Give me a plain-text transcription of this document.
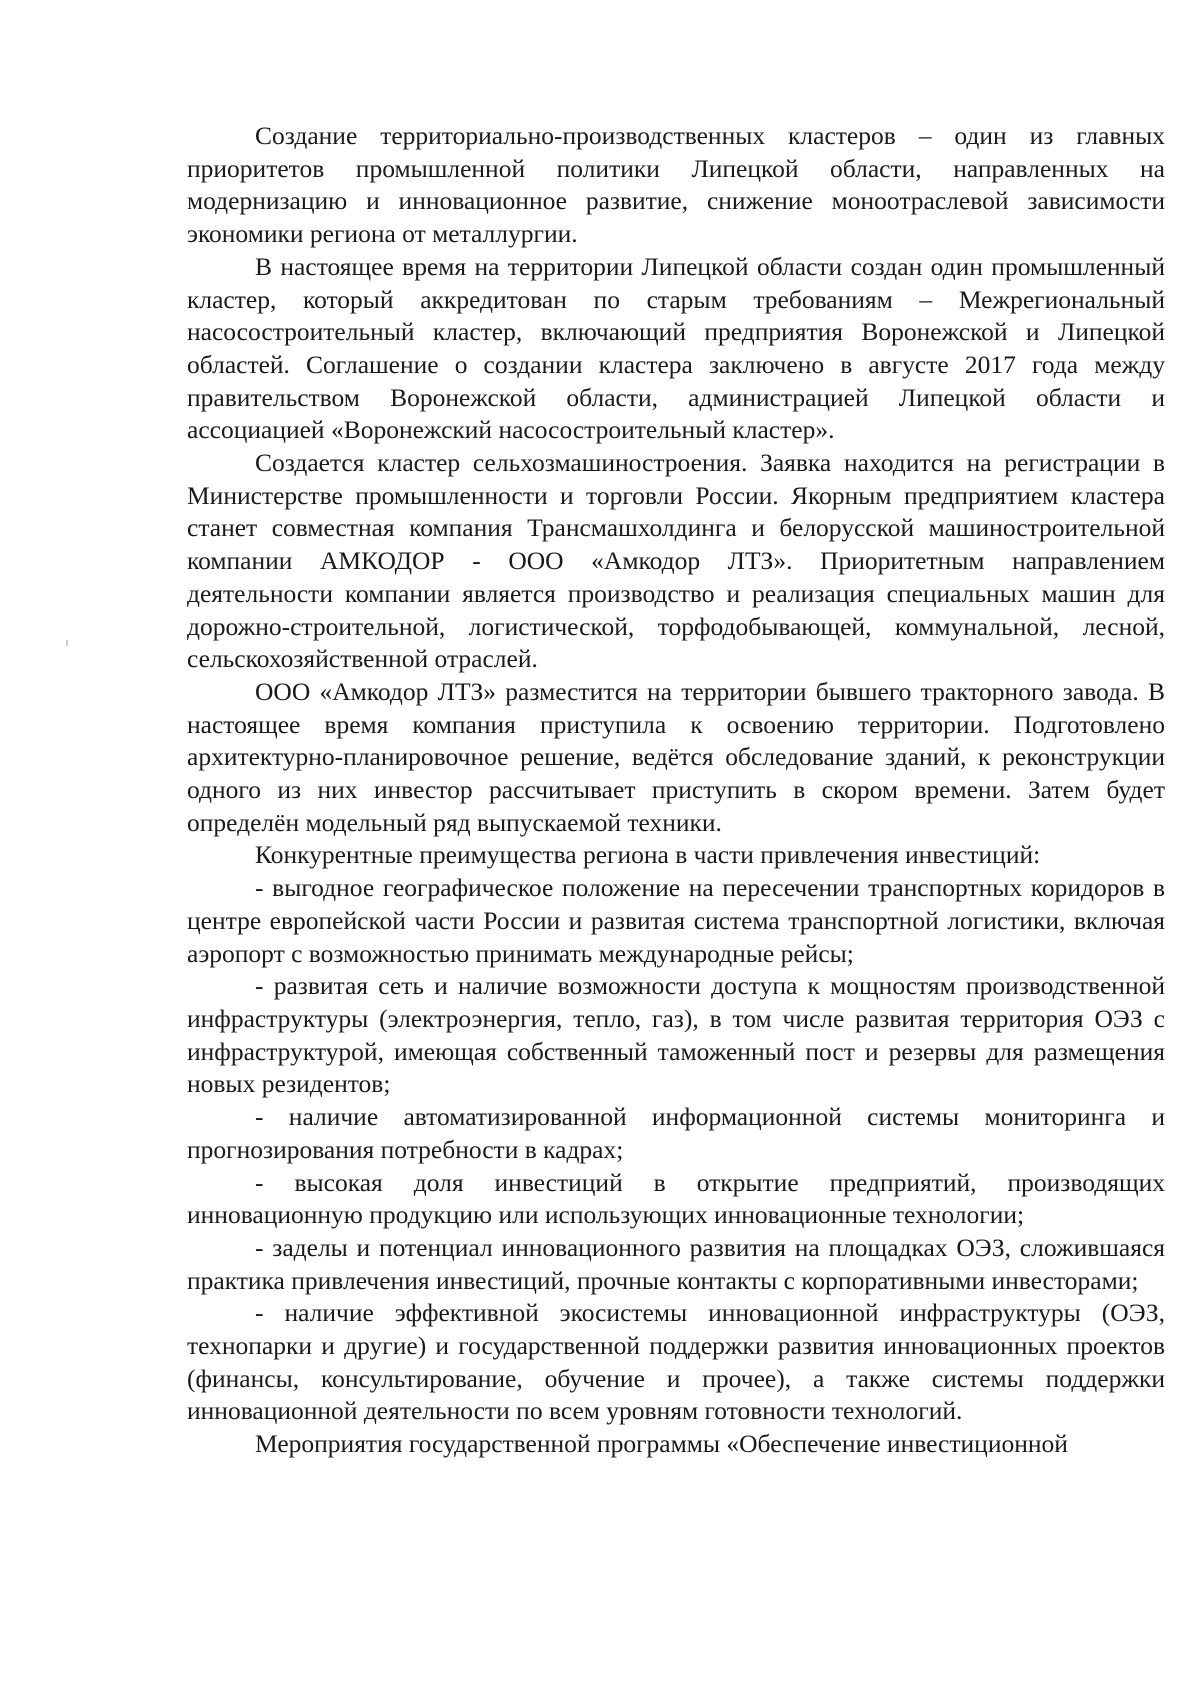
Создание территориально-производственных кластеров – один из главных приоритетов промышленной политики Липецкой области, направленных на модернизацию и инновационное развитие, снижение моноотраслевой зависимости экономики региона от металлургии.

В настоящее время на территории Липецкой области создан один промышленный кластер, который аккредитован по старым требованиям – Межрегиональный насосостроительный кластер, включающий предприятия Воронежской и Липецкой областей. Соглашение о создании кластера заключено в августе 2017 года между правительством Воронежской области, администрацией Липецкой области и ассоциацией «Воронежский насосостроительный кластер».

Создается кластер сельхозмашиностроения. Заявка находится на регистрации в Министерстве промышленности и торговли России. Якорным предприятием кластера станет совместная компания Трансмашхолдинга и белорусской машиностроительной компании АМКОДОР - ООО «Амкодор ЛТЗ». Приоритетным направлением деятельности компании является производство и реализация специальных машин для дорожно-строительной, логистической, торфодобывающей, коммунальной, лесной, сельскохозяйственной отраслей.

ООО «Амкодор ЛТЗ» разместится на территории бывшего тракторного завода. В настоящее время компания приступила к освоению территории. Подготовлено архитектурно-планировочное решение, ведётся обследование зданий, к реконструкции одного из них инвестор рассчитывает приступить в скором времени. Затем будет определён модельный ряд выпускаемой техники.

Конкурентные преимущества региона в части привлечения инвестиций:

- выгодное географическое положение на пересечении транспортных коридоров в центре европейской части России и развитая система транспортной логистики, включая аэропорт с возможностью принимать международные рейсы;

- развитая сеть и наличие возможности доступа к мощностям производственной инфраструктуры (электроэнергия, тепло, газ), в том числе развитая территория ОЭЗ с инфраструктурой, имеющая собственный таможенный пост и резервы для размещения новых резидентов;

- наличие автоматизированной информационной системы мониторинга и прогнозирования потребности в кадрах;

- высокая доля инвестиций в открытие предприятий, производящих инновационную продукцию или использующих инновационные технологии;

- заделы и потенциал инновационного развития на площадках ОЭЗ, сложившаяся практика привлечения инвестиций, прочные контакты с корпоративными инвесторами;

- наличие эффективной экосистемы инновационной инфраструктуры (ОЭЗ, технопарки и другие) и государственной поддержки развития инновационных проектов (финансы, консультирование, обучение и прочее), а также системы поддержки инновационной деятельности по всем уровням готовности технологий.

Мероприятия государственной программы «Обеспечение инвестиционной
